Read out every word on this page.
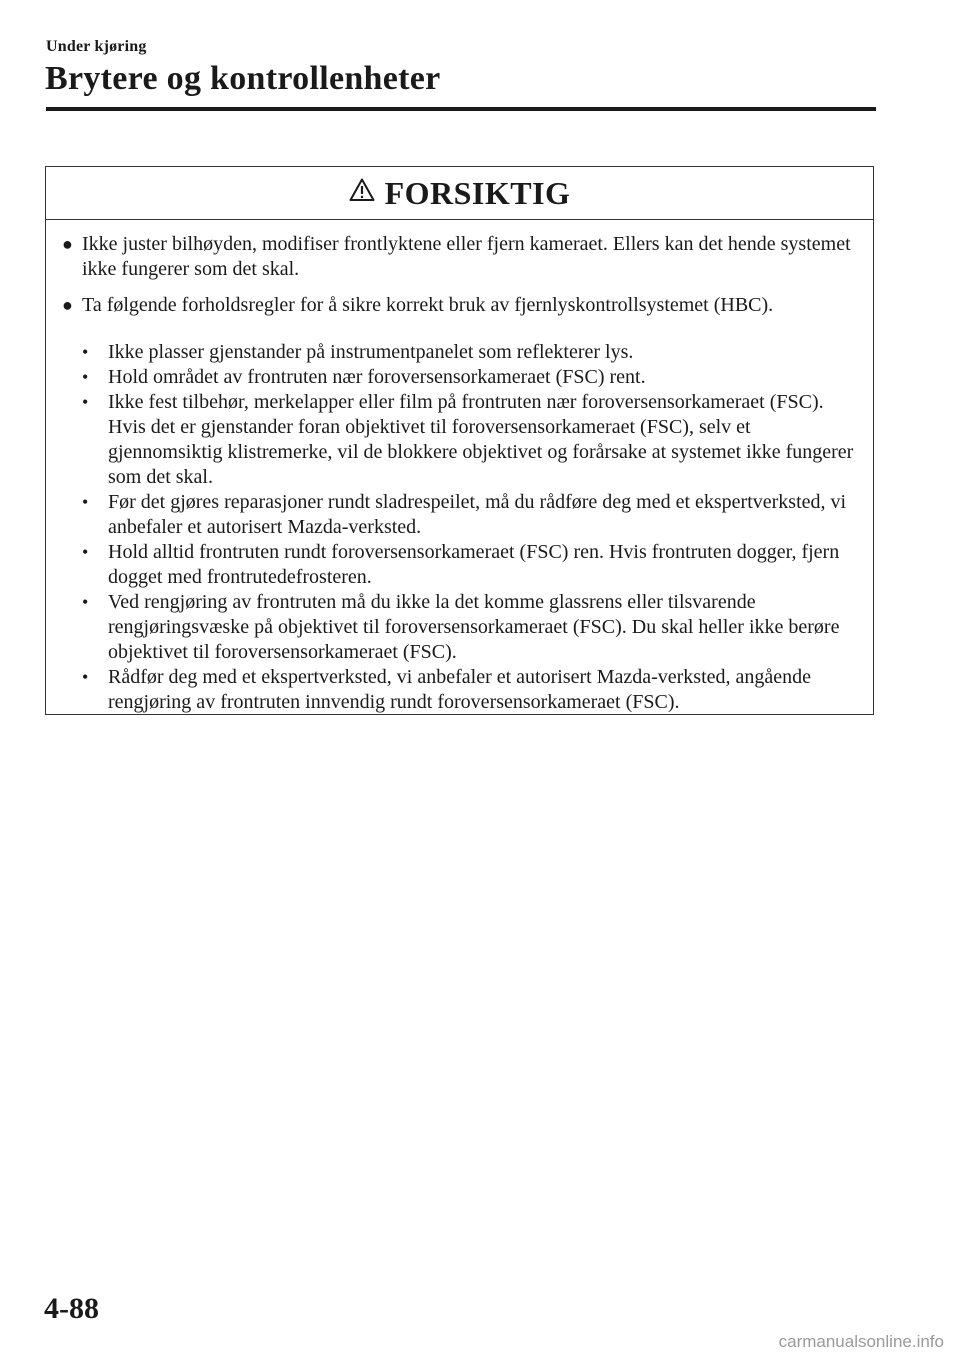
Under kjøring
Brytere og kontrollenheter
FORSIKTIG
● Ikke juster bilhøyden, modifiser frontlyktene eller fjern kameraet. Ellers kan det hende systemet ikke fungerer som det skal.
● Ta følgende forholdsregler for å sikre korrekt bruk av fjernlyskontrollsystemet (HBC).
• Ikke plasser gjenstander på instrumentpanelet som reflekterer lys.
• Hold området av frontruten nær foroversensorkameraet (FSC) rent.
• Ikke fest tilbehør, merkelapper eller film på frontruten nær foroversensorkameraet (FSC). Hvis det er gjenstander foran objektivet til foroversensorkameraet (FSC), selv et gjennomsiktig klistremerke, vil de blokkere objektivet og forårsake at systemet ikke fungerer som det skal.
• Før det gjøres reparasjoner rundt sladrespeilet, må du rådføre deg med et ekspertverksted, vi anbefaler et autorisert Mazda-verksted.
• Hold alltid frontruten rundt foroversensorkameraet (FSC) ren. Hvis frontruten dogger, fjern dogget med frontrutedefrosteren.
• Ved rengjøring av frontruten må du ikke la det komme glassrens eller tilsvarende rengjøringsvæske på objektivet til foroversensorkameraet (FSC). Du skal heller ikke berøre objektivet til foroversensorkameraet (FSC).
• Rådfør deg med et ekspertverksted, vi anbefaler et autorisert Mazda-verksted, angående rengjøring av frontruten innvendig rundt foroversensorkameraet (FSC).
4-88
carmanualsonline.info
